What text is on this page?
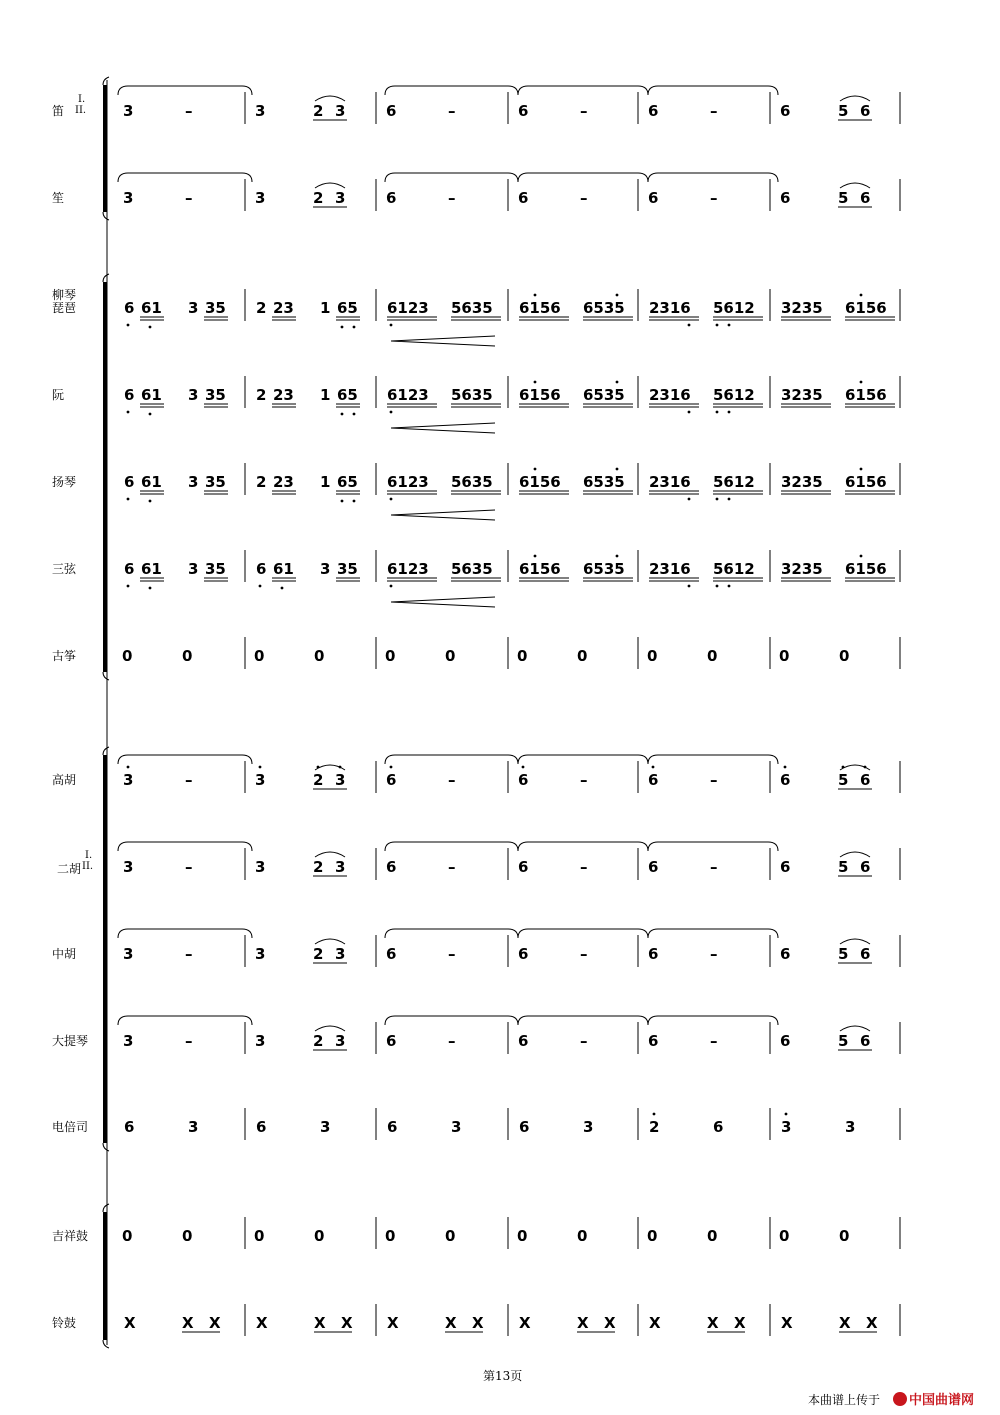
3	–	3	2 3	6	–	6	–	6	–	6	5 6
3	–	3	2 3	6	–	6	–	6	–	6	5 6
6 61 3 35 2 23 1 65 6123 5635 6156 6535 2316 5612 3235 6156
6 61 3 35 2 23 1 65 6123 5635 6156 6535 2316 5612 3235 6156
6 61 3 35 2 23 1 65 6123 5635 6156 6535 2316 5612 3235 6156
6 61 3 35 6 61 3 35 6123 5635 6156 6535 2316 5612 3235 6156
0	0	0	0	0	0	0	0	0	0	0	0
3	–	3	2 3	6	–	6	–	6	–	6	5 6
3	–	3	2 3	6	–	6	–	6	–	6	5 6
3	–	3	2 3	6	–	6	–	6	–	6	5 6
3	–	3	2 3	6	–	6	–	6	–	6	5 6
6	3	6	3	6	3	6	3	2	6	3	3
0	0	0	0	0	0	0	0	0	0	0	0
X	X X X	X X X	X X X	X X X	X X X	X X
笛
I.
II.
笙
柳琴
琵琶
阮
扬琴
三弦
古筝
高胡
二胡
I.
II.
中胡
大提琴
电倍司
吉祥鼓
铃鼓
第13页
本曲谱上传于 中国曲谱网
